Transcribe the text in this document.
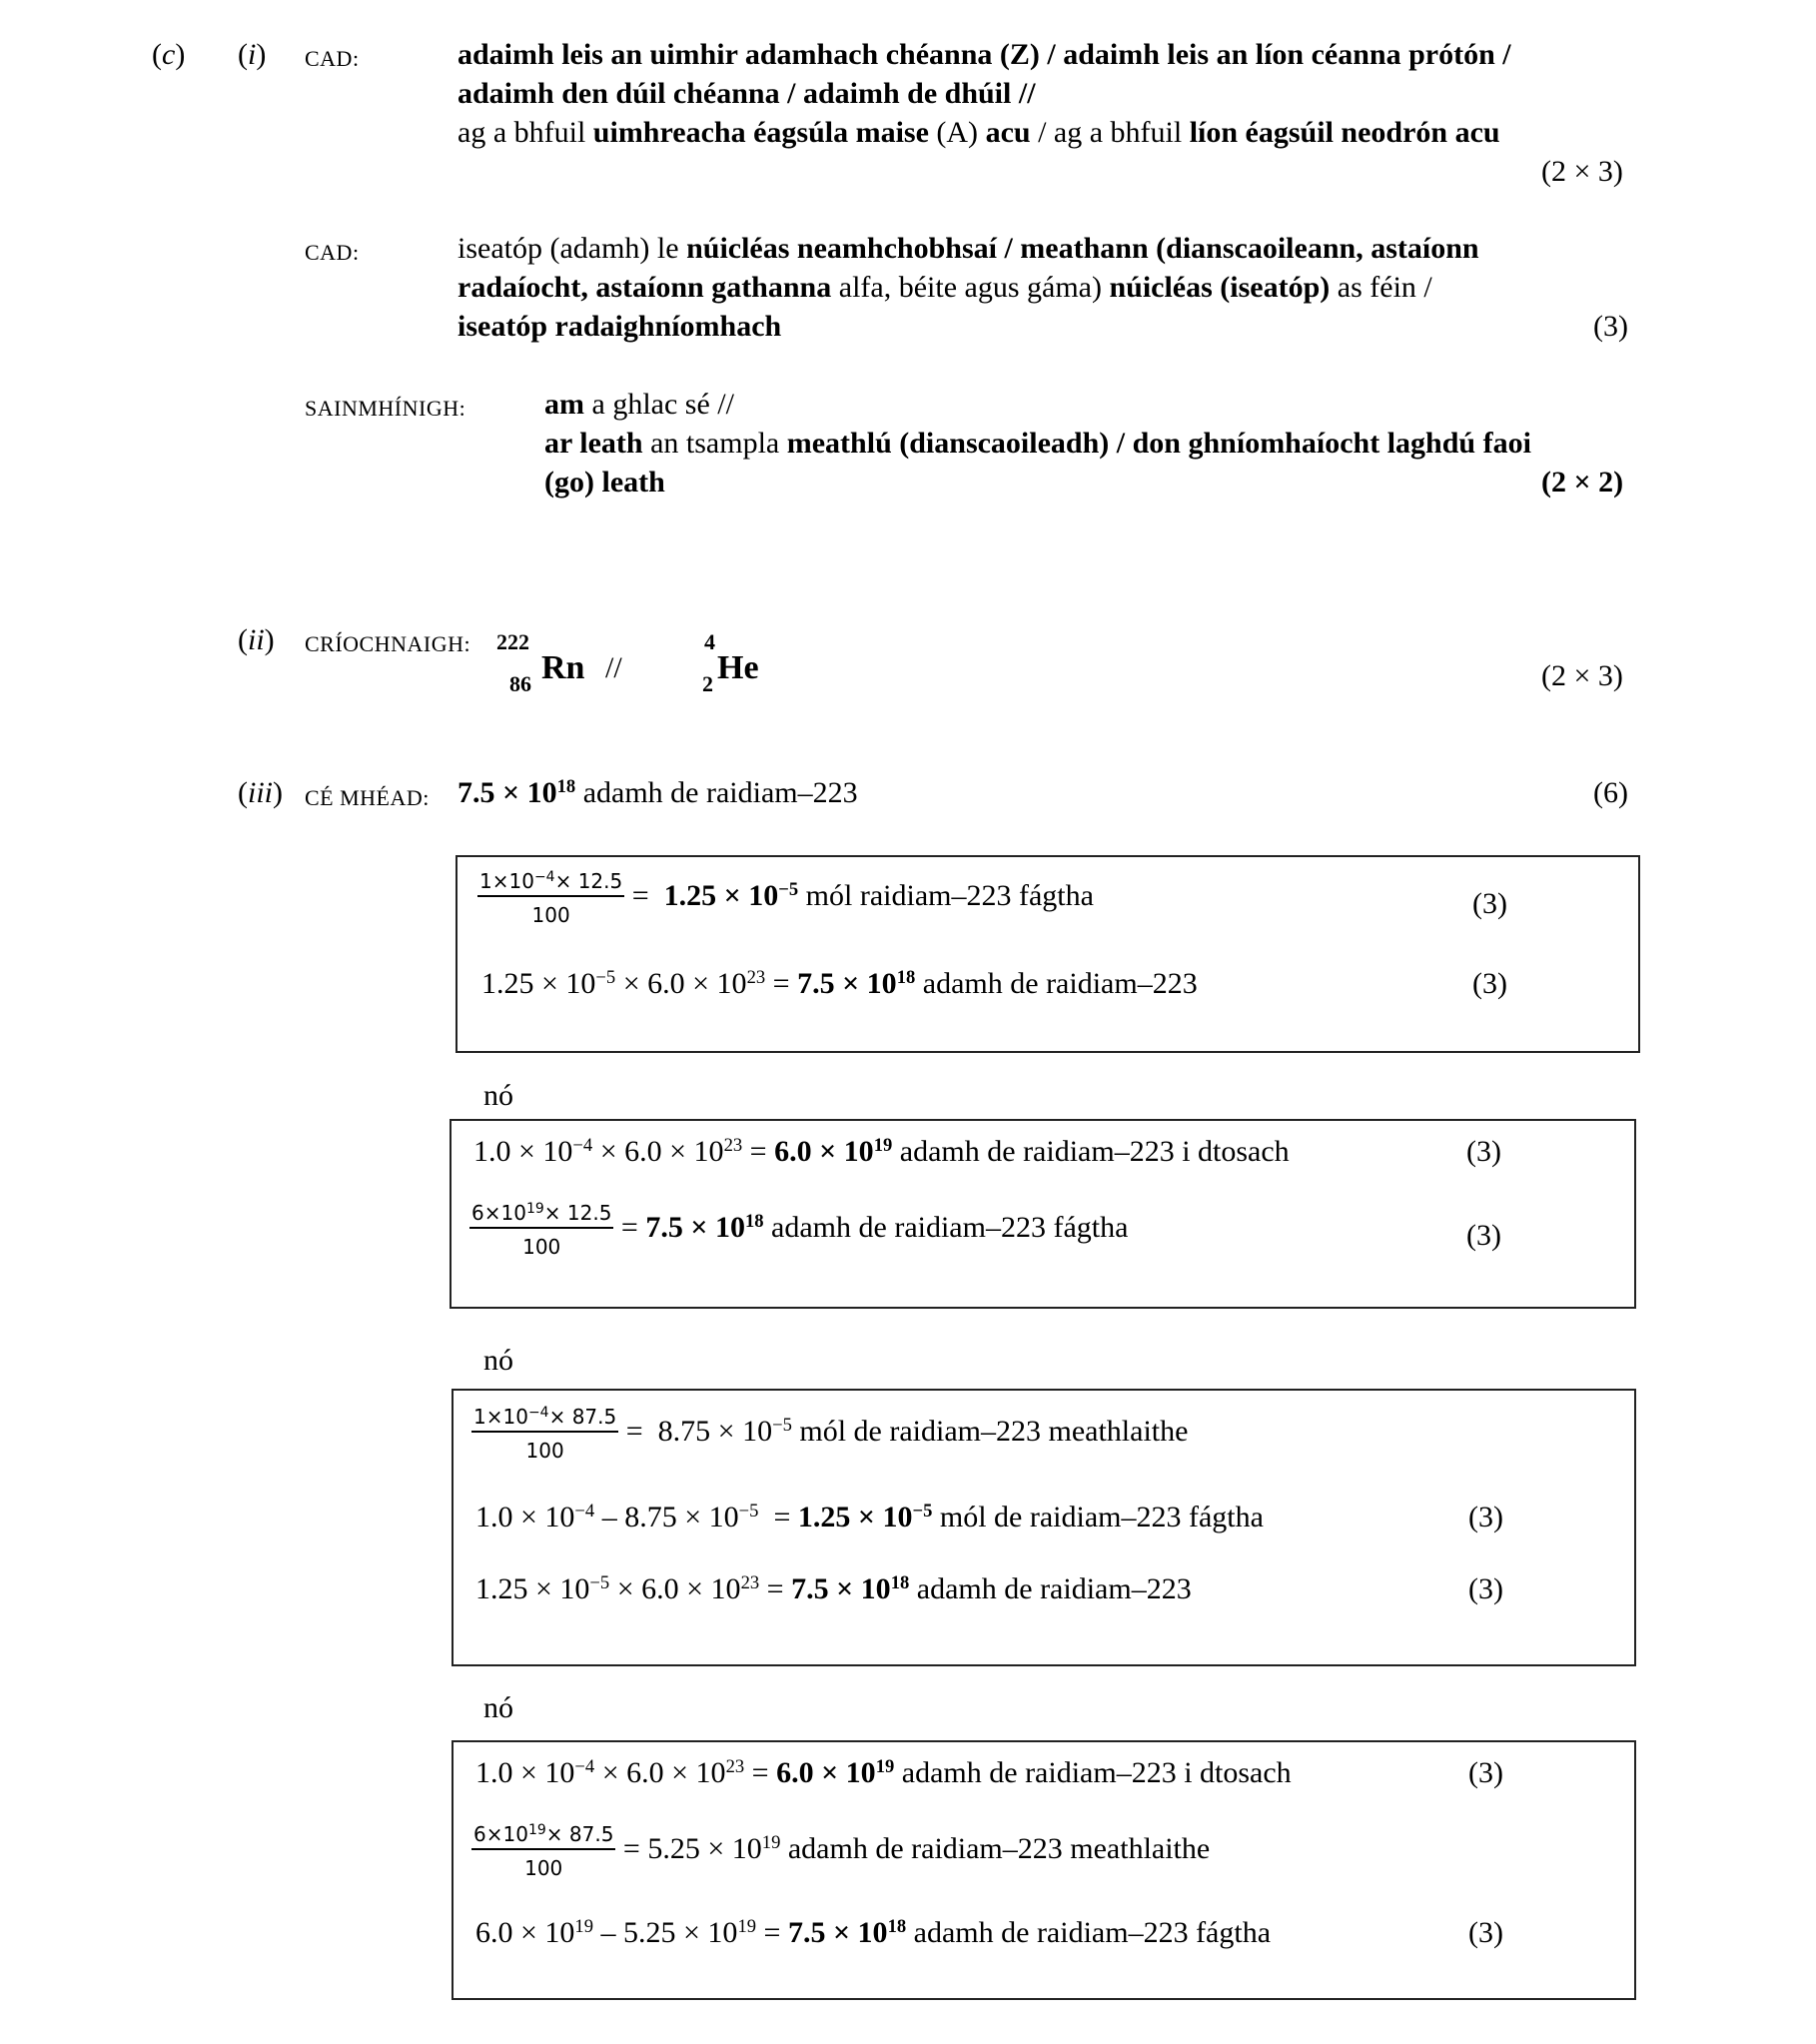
(c) (i) CAD:	adaimh leis an uimhir adamhach chéanna (Z) / adaimh leis an líon céanna prótón /
adaimh den dúil chéanna / adaimh de dhúil //
ag a bhfuil uimhreacha éagsúla maise (A) acu / ag a bhfuil líon éagsúil neodrón acu
(2 × 3)
CAD:	iseatóp (adamh) le núicléas neamhchobhsaí / meathann (dianscaoileann, astaíonn
radaíocht, astaíonn gathanna alfa, béite agus gáma) núicléas (iseatóp) as féin /
iseatóp radaighníomhach	(3)
SAINMHÍNIGH:	am a ghlac sé //
ar leath an tsampla meathlú (dianscaoileadh) / don ghníomhaíocht laghdú faoi
(go) leath	(2 × 2)
(ii) CRÍOCHNAIGH: 222
86 Rn //
4
2 He	(2 × 3)
(iii) CÉ MHÉAD: $7.5 \times 10^{18}$ adamh de raidiam–223	(6)
$\frac{1\times 10^{-4}\times 12.5}{100} = 1.25 \times 10^{-5}$ mól raidiam–223 fágtha	(3)
$1.25 \times 10^{-5} \times 6.0 \times 10^{23} = 7.5 \times 10^{18}$ adamh de raidiam–223	(3)
nó
$1.0 \times 10^{-4} \times 6.0 \times 10^{23} = 6.0 \times 10^{19}$ adamh de raidiam–223 i dtosach	(3)
$\frac{6\times 10^{19}\times 12.5}{100} = 7.5 \times 10^{18}$ adamh de raidiam–223 fágtha	(3)
nó
$\frac{1\times 10^{-4}\times 87.5}{100} = 8.75 \times 10^{-5}$ mól de raidiam–223 meathlaithe
$1.0 \times 10^{-4} - 8.75 \times 10^{-5} = 1.25 \times 10^{-5}$ mól de raidiam–223 fágtha	(3)
$1.25 \times 10^{-5} \times 6.0 \times 10^{23} = 7.5 \times 10^{18}$ adamh de raidiam–223	(3)
nó
$1.0 \times 10^{-4} \times 6.0 \times 10^{23} = 6.0 \times 10^{19}$ adamh de raidiam–223 i dtosach	(3)
$\frac{6\times 10^{19}\times 87.5}{100} = 5.25 \times 10^{19}$ adamh de raidiam–223 meathlaithe
$6.0 \times 10^{19} - 5.25 \times 10^{19} = 7.5 \times 10^{18}$ adamh de raidiam–223 fágtha	(3)
